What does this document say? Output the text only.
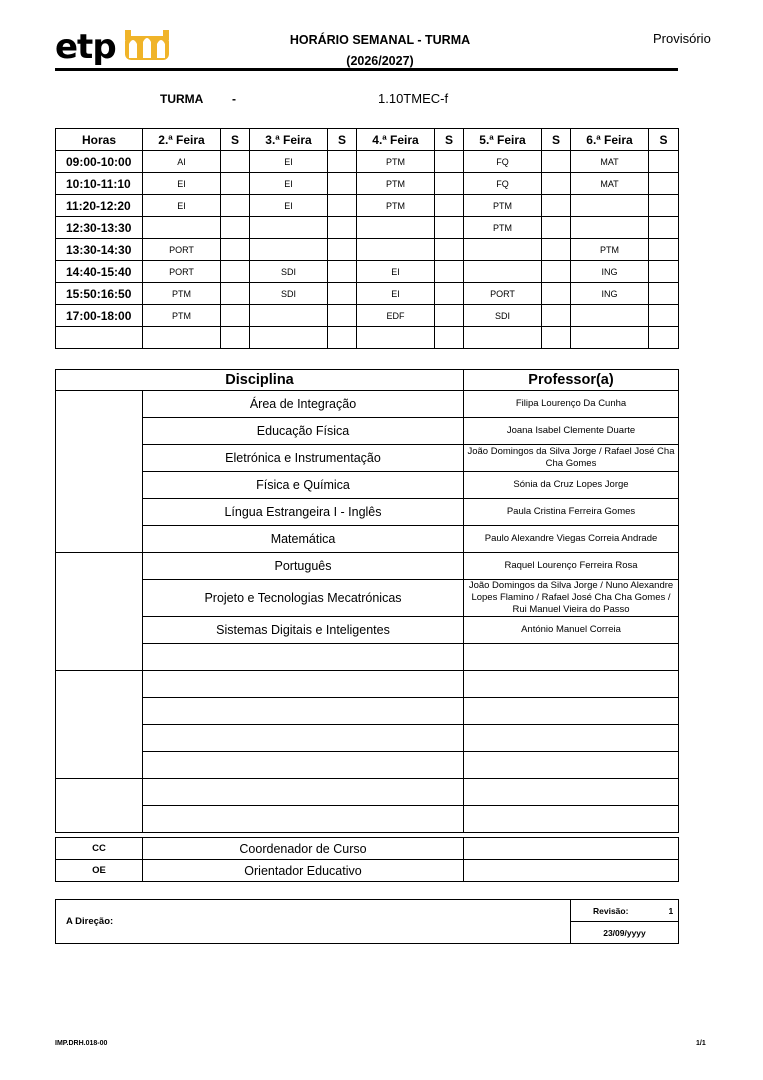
etp	HORÁRIO SEMANAL - TURMA
(2026/2027)
Provisório
TURMA -	1.10TMEC-f
Horas	2.ª Feira	S	3.ª Feira	S	4.ª Feira	S	5.ª Feira	S	6.ª Feira	S
09:00-10:00	AI		EI		PTM		FQ		MAT	
10:10-11:10	EI		EI		PTM		FQ		MAT	
11:20-12:20	EI		EI		PTM		PTM			
12:30-13:30							PTM			
13:30-14:30	PORT								PTM	
14:40-15:40	PORT		SDI		EI				ING	
15:50:16:50	PTM		SDI		EI		PORT		ING	
17:00-18:00	PTM				EDF		SDI			

Disciplina		Professor(a)
	Área de Integração	Filipa Lourenço Da Cunha
	Educação Física	Joana Isabel Clemente Duarte
	Eletrónica e Instrumentação	João Domingos da Silva Jorge / Rafael José Cha Cha Gomes
	Física e Química	Sónia da Cruz Lopes Jorge
	Língua Estrangeira I - Inglês	Paula Cristina Ferreira Gomes
	Matemática	Paulo Alexandre Viegas Correia Andrade
	Português	Raquel Lourenço Ferreira Rosa
	Projeto e Tecnologias Mecatrónicas	João Domingos da Silva Jorge / Nuno Alexandre Lopes Flamino / Rafael José Cha Cha Gomes / Rui Manuel Vieira do Passo
	Sistemas Digitais e Inteligentes	António Manuel Correia

CC	Coordenador de Curso	
OE	Orientador Educativo	
A Direção:	Revisão:	1
23/09/yyyy
IMP.DRH.018-00	1/1
